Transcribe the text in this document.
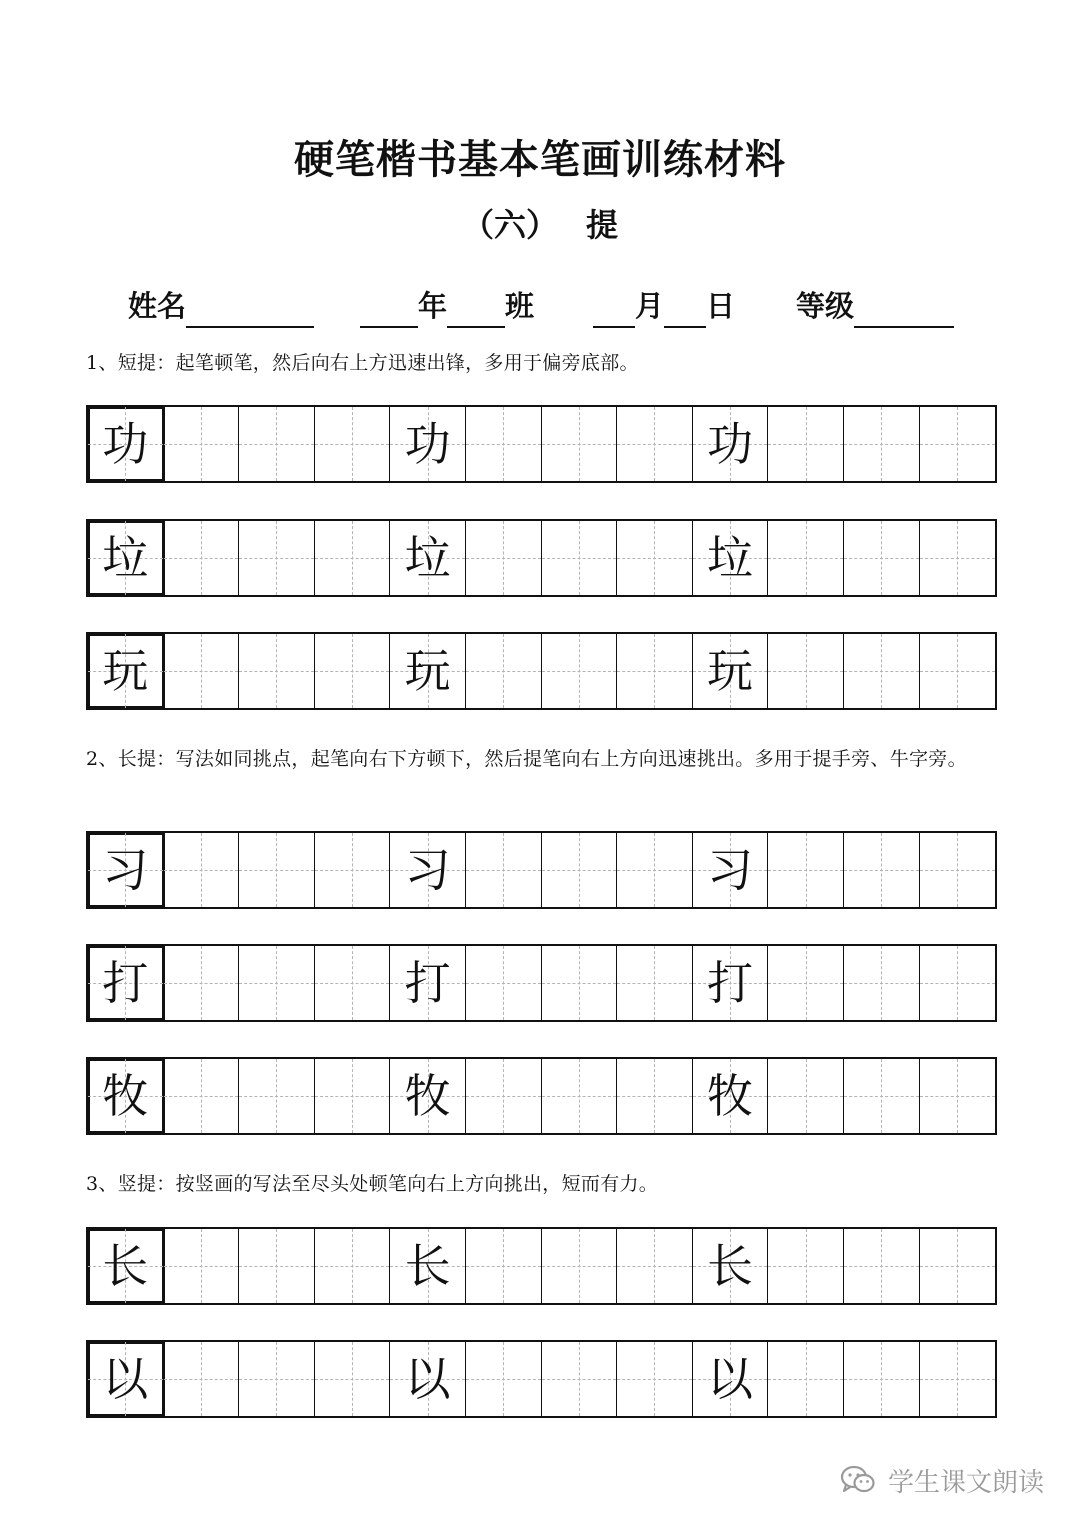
硬笔楷书基本笔画训练材料
（六） 提
姓名	年 班	月 日 等级
1、短提：起笔顿笔，然后向右上方迅速出锋，多用于偏旁底部。
功	功	功
垃	垃	垃
玩	玩	玩
2、长提：写法如同挑点，起笔向右下方顿下，然后提笔向右上方向迅速挑出。多用于提手旁、牛字旁。
习	习	习
打	打	打
牧	牧	牧
3、竖提：按竖画的写法至尽头处顿笔向右上方向挑出，短而有力。
长	长	长
以	以	以
学生课文朗读
